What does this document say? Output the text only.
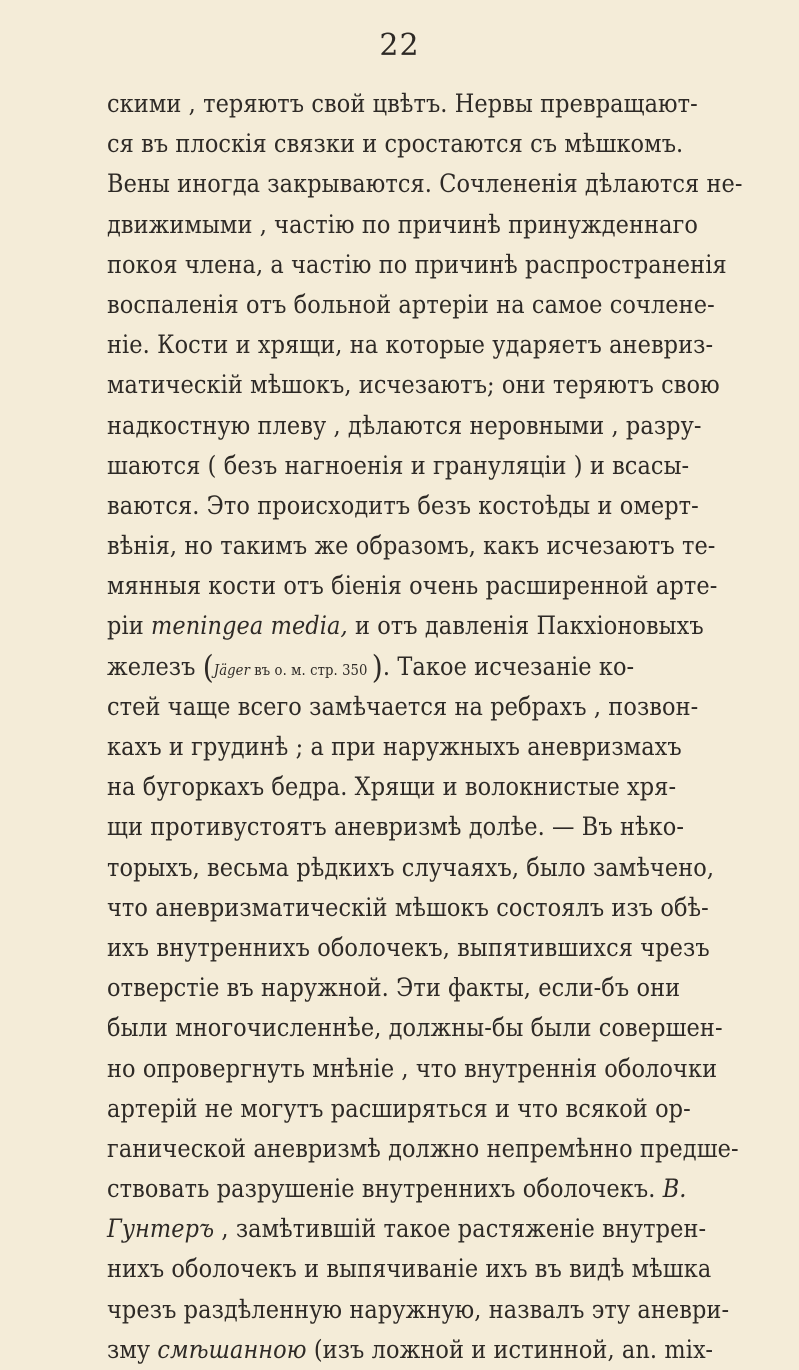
22
скими , теряютъ свой цвѣтъ. Нервы превращают-
ся въ плоскія связки и сростаются съ мѣшкомъ.
Вены иногда закрываются. Сочлененія дѣлаются не-
движимыми , частію по причинѣ принужденнаго
покоя члена, а частію по причинѣ распространенія
воспаленія отъ больной артеріи на самое сочлене-
ніе. Кости и хрящи, на которые ударяетъ аневриз-
матическій мѣшокъ, исчезаютъ; они теряютъ свою
надкостную плеву , дѣлаются неровными , разру-
шаются ( безъ нагноенія и грануляціи ) и всасы-
ваются. Это происходитъ безъ костоѣды и омерт-
вѣнія, но такимъ же образомъ, какъ исчезаютъ те-
мянныя кости отъ біенія очень расширенной арте-
ріи meningea media, и отъ давленія Пакхіоновыхъ
железъ (Jäger въ о. м. стр. 350 ). Такое исчезаніе ко-
стей чаще всего замѣчается на ребрахъ , позвон-
кахъ и грудинѣ ; а при наружныхъ аневризмахъ
на бугоркахъ бедра. Хрящи и волокнистые хря-
щи противустоятъ аневризмѣ долѣе. — Въ нѣко-
торыхъ, весьма рѣдкихъ случаяхъ, было замѣчено,
что аневризматическій мѣшокъ состоялъ изъ обѣ-
ихъ внутреннихъ оболочекъ, выпятившихся чрезъ
отверстіе въ наружной. Эти факты, если-бъ они
были многочисленнѣе, должны-бы были совершен-
но опровергнуть мнѣніе , что внутреннія оболочки
артерій не могутъ расширяться и что всякой ор-
ганической аневризмѣ должно непремѣнно предше-
ствовать разрушеніе внутреннихъ оболочекъ. В.
Гунтеръ , замѣтившій такое растяженіе внутрен-
нихъ оболочекъ и выпячиваніе ихъ въ видѣ мѣшка
чрезъ раздѣленную наружную, назвалъ эту аневри-
зму смѣшанною (изъ ложной и истинной, an. mix-
